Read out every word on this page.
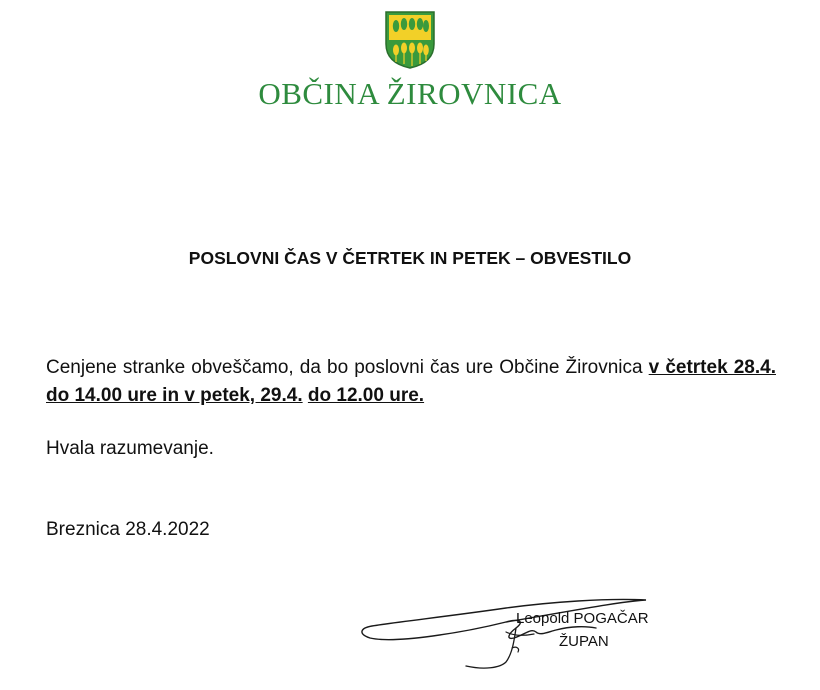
OBČINA ŽIROVNICA
POSLOVNI ČAS V ČETRTEK IN PETEK – OBVESTILO
Cenjene stranke obveščamo, da bo poslovni čas ure Občine Žirovnica v četrtek 28.4. do 14.00 ure in v petek, 29.4. do 12.00 ure.
Hvala razumevanje.
Breznica 28.4.2022
Leopold POGAČAR
ŽUPAN
